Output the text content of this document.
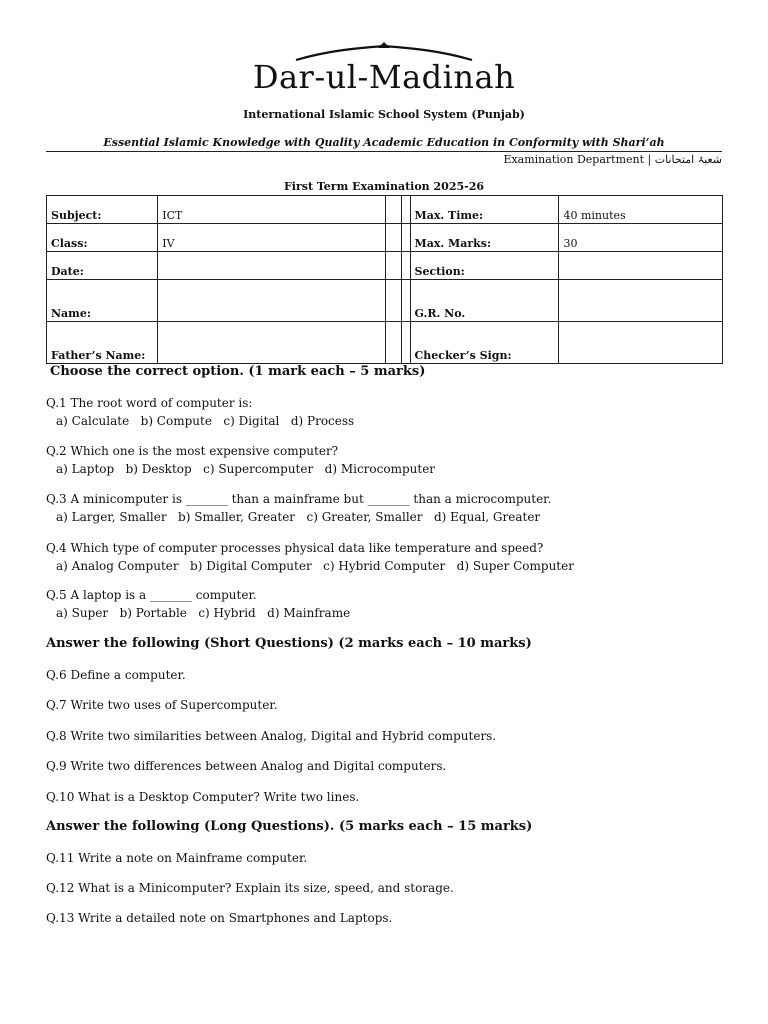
Dar-ul-Madinah
International Islamic School System (Punjab)
Essential Islamic Knowledge with Quality Academic Education in Conformity with Shari’ah
Examination Department | شعبۂ امتحانات
First Term Examination 2025-26
Subject:	ICT			Max. Time:	40 minutes
Class:	IV			Max. Marks:	30
Date:				Section:	
Name:				G.R. No.	
Father’s Name:				Checker’s Sign:	
Choose the correct option. (1 mark each – 5 marks)
Q.1 The root word of computer is:
a) Calculate   b) Compute   c) Digital   d) Process
Q.2 Which one is the most expensive computer?
a) Laptop   b) Desktop   c) Supercomputer   d) Microcomputer
Q.3 A minicomputer is _______ than a mainframe but _______ than a microcomputer.
a) Larger, Smaller   b) Smaller, Greater   c) Greater, Smaller   d) Equal, Greater
Q.4 Which type of computer processes physical data like temperature and speed?
a) Analog Computer   b) Digital Computer   c) Hybrid Computer   d) Super Computer
Q.5 A laptop is a _______ computer.
a) Super   b) Portable   c) Hybrid   d) Mainframe
Answer the following (Short Questions) (2 marks each – 10 marks)
Q.6 Define a computer.
Q.7 Write two uses of Supercomputer.
Q.8 Write two similarities between Analog, Digital and Hybrid computers.
Q.9 Write two differences between Analog and Digital computers.
Q.10 What is a Desktop Computer? Write two lines.
Answer the following (Long Questions). (5 marks each – 15 marks)
Q.11 Write a note on Mainframe computer.
Q.12 What is a Minicomputer? Explain its size, speed, and storage.
Q.13 Write a detailed note on Smartphones and Laptops.
